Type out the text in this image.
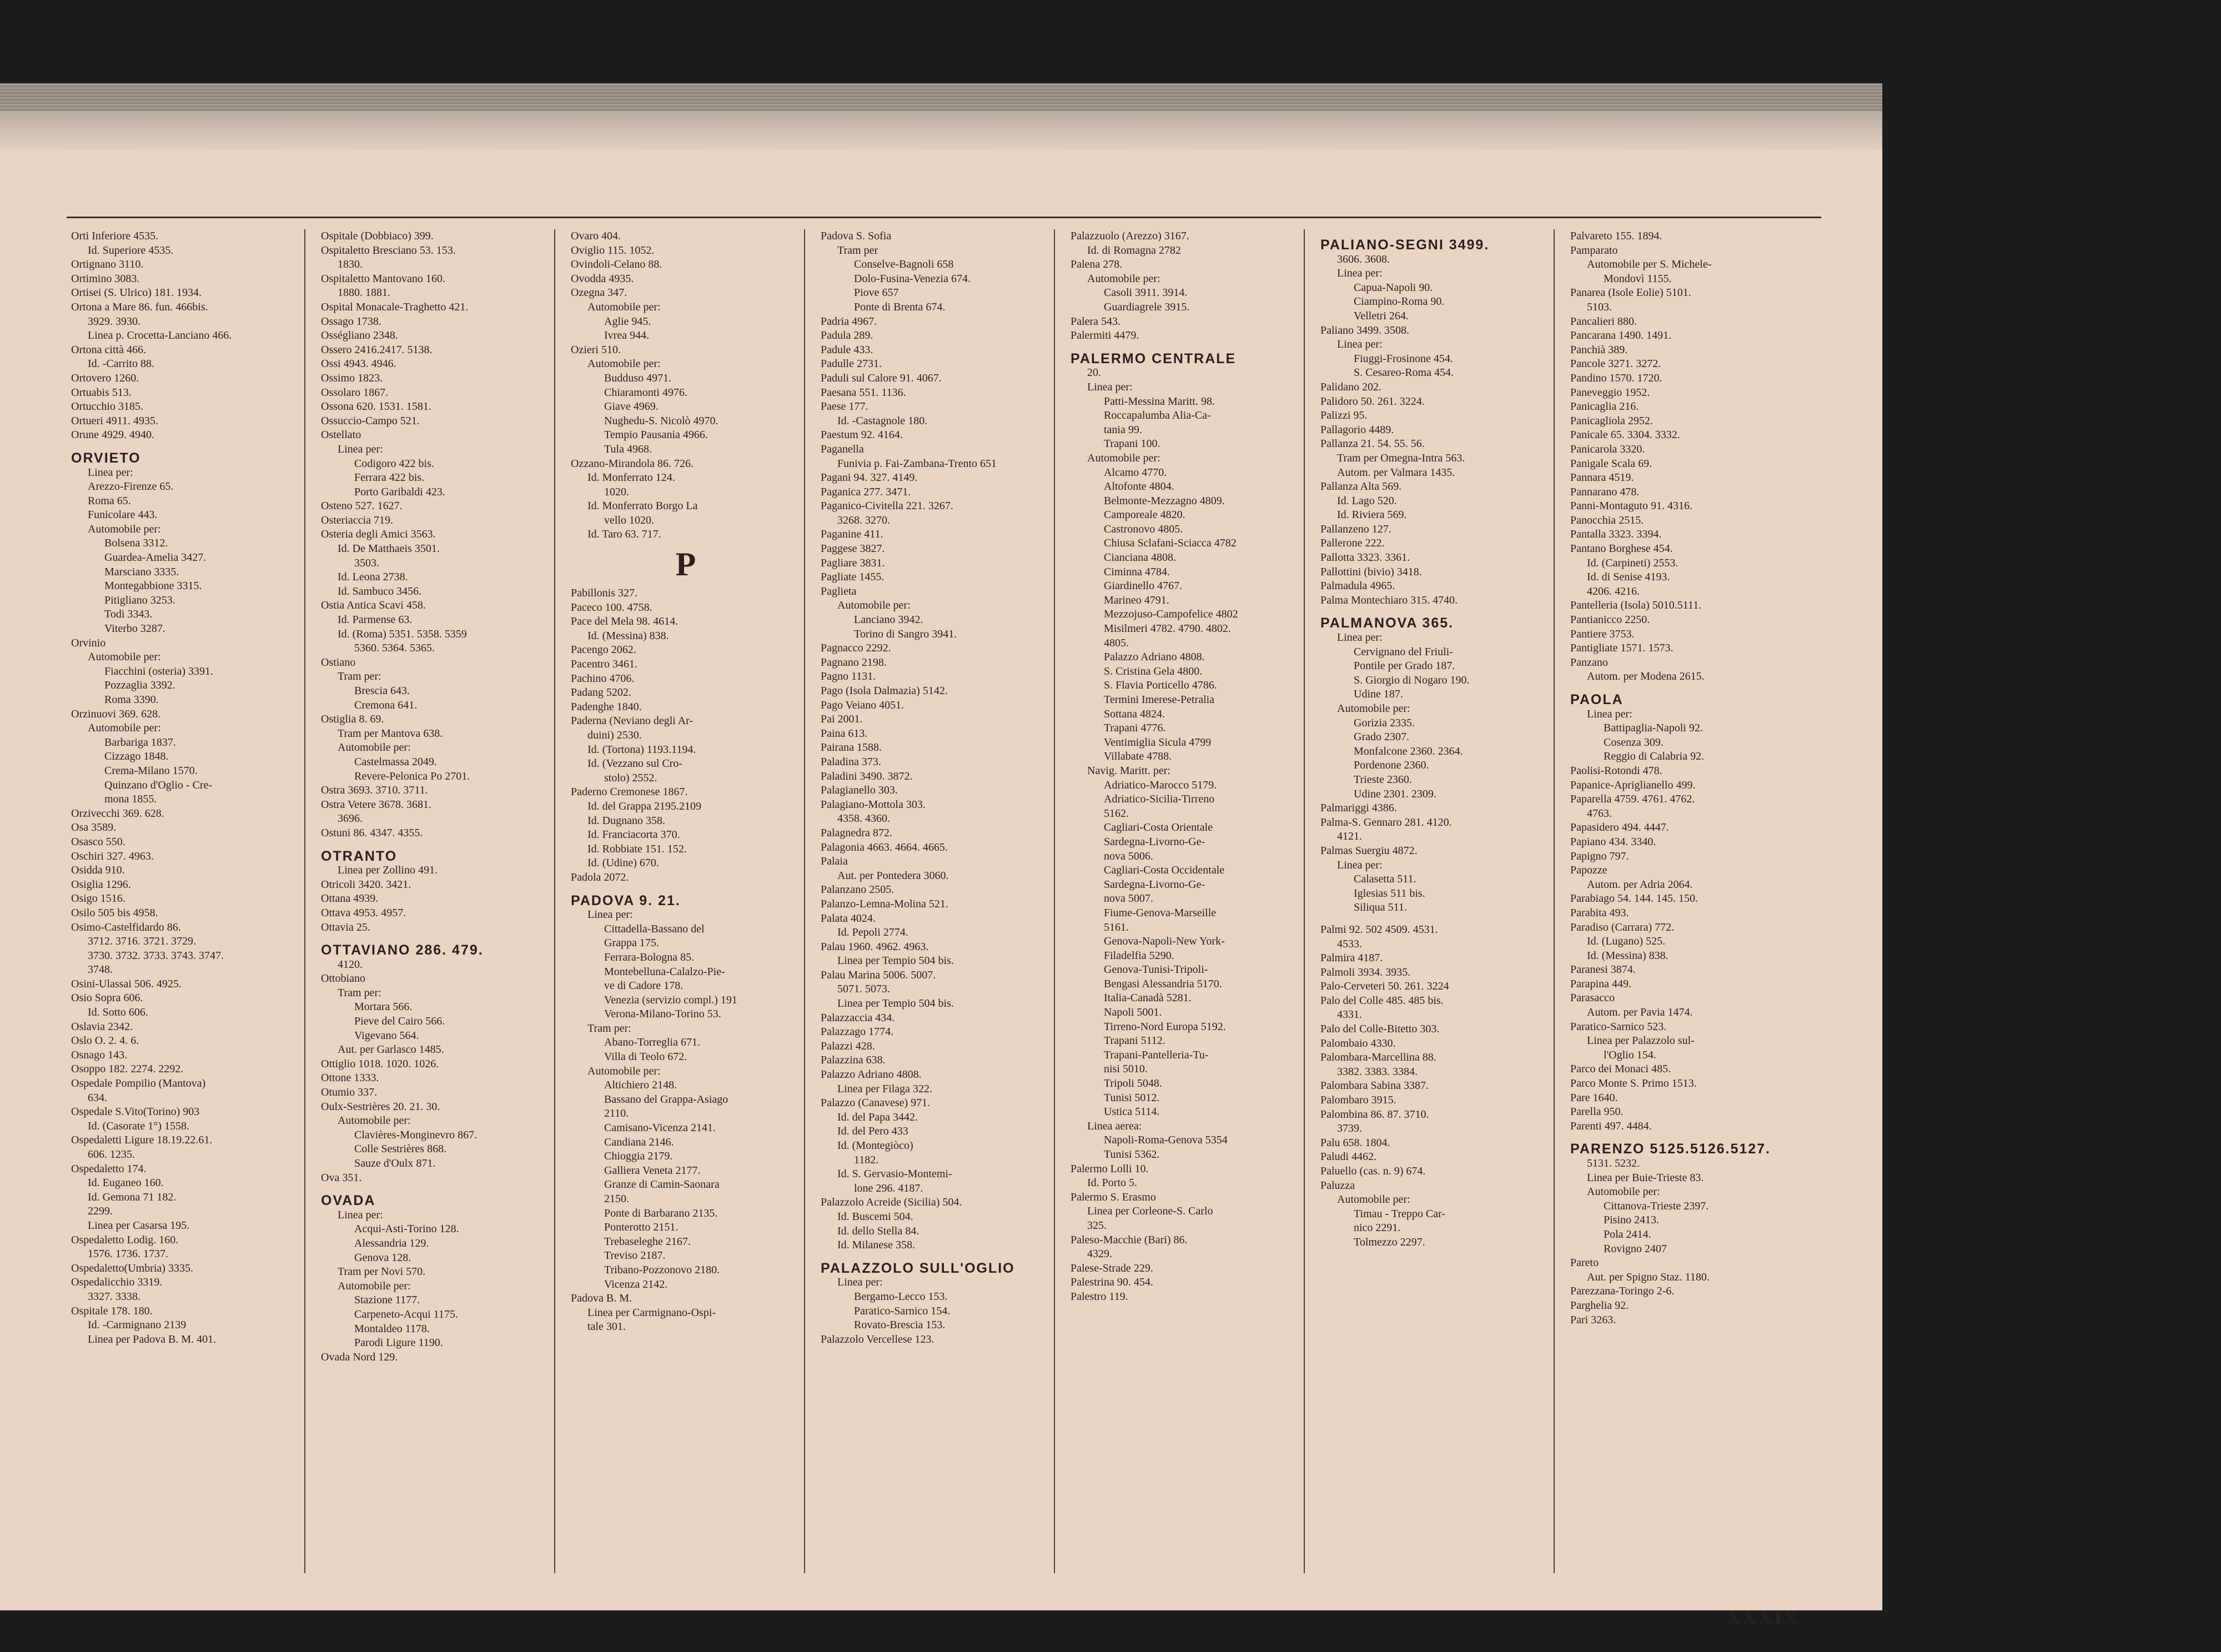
Orti Inferiore 4535.
Id. Superiore 4535.
Ortignano 3110.
Ortimino 3083.
Ortisei (S. Ulrico) 181. 1934.
Ortona a Mare 86. fun. 466bis.
3929. 3930.
Linea p. Crocetta-Lanciano 466.
Ortona città 466.
Id. -Carrito 88.
Ortovero 1260.
Ortuabis 513.
Ortucchio 3185.
Ortueri 4911. 4935.
Orune 4929. 4940.
ORVIETO
Linea per:
Arezzo-Firenze 65.
Roma 65.
Funicolare 443.
Automobile per:
Bolsena 3312.
Guardea-Amelia 3427.
Marsciano 3335.
Montegabbione 3315.
Pitigliano 3253.
Todi 3343.
Viterbo 3287.
Orvinio
Automobile per:
Fiacchini (osteria) 3391.
Pozzaglia 3392.
Roma 3390.
Orzinuovi 369. 628.
Automobile per:
Barbariga 1837.
Cizzago 1848.
Crema-Milano 1570.
Quinzano d'Oglio - Cre-
mona 1855.
Orzivecchi 369. 628.
Osa 3589.
Osasco 550.
Oschiri 327. 4963.
Osidda 910.
Osiglia 1296.
Osigo 1516.
Osilo 505 bis 4958.
Osimo-Castelfidardo 86.
3712. 3716. 3721. 3729.
3730. 3732. 3733. 3743. 3747.
3748.
Osini-Ulassai 506. 4925.
Osio Sopra 606.
Id. Sotto 606.
Oslavia 2342.
Oslo O. 2. 4. 6.
Osnago 143.
Osoppo 182. 2274. 2292.
Ospedale Pompilio (Mantova)
634.
Ospedale S.Vito(Torino) 903
Id. (Casorate 1°) 1558.
Ospedaletti Ligure 18.19.22.61.
606. 1235.
Ospedaletto 174.
Id. Euganeo 160.
Id. Gemona 71 182.
2299.
Linea per Casarsa 195.
Ospedaletto Lodig. 160.
1576. 1736. 1737.
Ospedaletto(Umbria) 3335.
Ospedalicchio 3319.
3327. 3338.
Ospitale 178. 180.
Id. -Carmignano 2139
Linea per Padova B. M. 401.
Ospitale (Dobbiaco) 399.
Ospitaletto Bresciano 53. 153.
1830.
Ospitaletto Mantovano 160.
1880. 1881.
Ospital Monacale-Traghetto 421.
Ossago 1738.
Osségliano 2348.
Ossero 2416.2417. 5138.
Ossi 4943. 4946.
Ossimo 1823.
Ossolaro 1867.
Ossona 620. 1531. 1581.
Ossuccio-Campo 521.
Ostellato
Linea per:
Codigoro 422 bis.
Ferrara 422 bis.
Porto Garibaldi 423.
Osteno 527. 1627.
Osteriaccia 719.
Osteria degli Amici 3563.
Id. De Matthaeis 3501.
3503.
Id. Leona 2738.
Id. Sambuco 3456.
Ostia Antica Scavi 458.
Id. Parmense 63.
Id. (Roma) 5351. 5358. 5359
5360. 5364. 5365.
Ostiano
Tram per:
Brescia 643.
Cremona 641.
Ostiglia 8. 69.
Tram per Mantova 638.
Automobile per:
Castelmassa 2049.
Revere-Pelonica Po 2701.
Ostra 3693. 3710. 3711.
Ostra Vetere 3678. 3681.
3696.
Ostuni 86. 4347. 4355.
OTRANTO
Linea per Zollino 491.
Otricoli 3420. 3421.
Ottana 4939.
Ottava 4953. 4957.
Ottavia 25.
OTTAVIANO 286. 479.
4120.
Ottobiano
Tram per:
Mortara 566.
Pieve del Cairo 566.
Vigevano 564.
Aut. per Garlasco 1485.
Ottiglio 1018. 1020. 1026.
Ottone 1333.
Otumio 337.
Oulx-Sestrières 20. 21. 30.
Automobile per:
Clavières-Monginevro 867.
Colle Sestrières 868.
Sauze d'Oulx 871.
Ova 351.
OVADA
Linea per:
Acqui-Asti-Torino 128.
Alessandria 129.
Genova 128.
Tram per Novi 570.
Automobile per:
Stazione 1177.
Carpeneto-Acqui 1175.
Montaldeo 1178.
Parodi Ligure 1190.
Ovada Nord 129.
Ovaro 404.
Oviglio 115. 1052.
Ovindoli-Celano 88.
Ovodda 4935.
Ozegna 347.
Automobile per:
Aglie 945.
Ivrea 944.
Ozieri 510.
Automobile per:
Budduso 4971.
Chiaramonti 4976.
Giave 4969.
Nughedu-S. Nicolò 4970.
Tempio Pausania 4966.
Tula 4968.
Ozzano-Mirandola 86. 726.
Id. Monferrato 124.
1020.
Id. Monferrato Borgo La
vello 1020.
Id. Taro 63. 717.
P
Pabillonis 327.
Paceco 100. 4758.
Pace del Mela 98. 4614.
Id. (Messina) 838.
Pacengo 2062.
Pacentro 3461.
Pachino 4706.
Padang 5202.
Padenghe 1840.
Paderna (Neviano degli Ar-
duini) 2530.
Id. (Tortona) 1193.1194.
Id. (Vezzano sul Cro-
stolo) 2552.
Paderno Cremonese 1867.
Id. del Grappa 2195.2109
Id. Dugnano 358.
Id. Franciacorta 370.
Id. Robbiate 151. 152.
Id. (Udine) 670.
Padola 2072.
PADOVA 9. 21.
Linea per:
Cittadella-Bassano del
Grappa 175.
Ferrara-Bologna 85.
Montebelluna-Calalzo-Pie-
ve di Cadore 178.
Venezia (servizio compl.) 191
Verona-Milano-Torino 53.
Tram per:
Abano-Torreglia 671.
Villa di Teolo 672.
Automobile per:
Altichiero 2148.
Bassano del Grappa-Asiago
2110.
Camisano-Vicenza 2141.
Candiana 2146.
Chioggia 2179.
Galliera Veneta 2177.
Granze di Camin-Saonara
2150.
Ponte di Barbarano 2135.
Ponterotto 2151.
Trebaseleghe 2167.
Treviso 2187.
Tribano-Pozzonovo 2180.
Vicenza 2142.
Padova B. M.
Linea per Carmignano-Ospi-
tale 301.
Padova S. Sofia
Tram per
Conselve-Bagnoli 658
Dolo-Fusina-Venezia 674.
Piove 657
Ponte di Brenta 674.
Padria 4967.
Padula 289.
Padule 433.
Padulle 2731.
Paduli sul Calore 91. 4067.
Paesana 551. 1136.
Paese 177.
Id. -Castagnole 180.
Paestum 92. 4164.
Paganella
Funivia p. Fai-Zambana-Trento 651
Pagani 94. 327. 4149.
Paganica 277. 3471.
Paganico-Civitella 221. 3267.
3268. 3270.
Paganine 411.
Paggese 3827.
Pagliare 3831.
Pagliate 1455.
Paglieta
Automobile per:
Lanciano 3942.
Torino di Sangro 3941.
Pagnacco 2292.
Pagnano 2198.
Pagno 1131.
Pago (Isola Dalmazia) 5142.
Pago Veiano 4051.
Pai 2001.
Paina 613.
Pairana 1588.
Paladina 373.
Paladini 3490. 3872.
Palagianello 303.
Palagiano-Mottola 303.
4358. 4360.
Palagnedra 872.
Palagonia 4663. 4664. 4665.
Palaia
Aut. per Pontedera 3060.
Palanzano 2505.
Palanzo-Lemna-Molina 521.
Palata 4024.
Id. Pepoli 2774.
Palau 1960. 4962. 4963.
Linea per Tempio 504 bis.
Palau Marina 5006. 5007.
5071. 5073.
Linea per Tempio 504 bis.
Palazzaccia 434.
Palazzago 1774.
Palazzi 428.
Palazzina 638.
Palazzo Adriano 4808.
Linea per Filaga 322.
Palazzo (Canavese) 971.
Id. del Papa 3442.
Id. del Pero 433
Id. (Montegiòco)
1182.
Id. S. Gervasio-Montemi-
lone 296. 4187.
Palazzolo Acreide (Sicilia) 504.
Id. Buscemi 504.
Id. dello Stella 84.
Id. Milanese 358.
PALAZZOLO SULL'OGLIO
Linea per:
Bergamo-Lecco 153.
Paratico-Sarnico 154.
Rovato-Brescia 153.
Palazzolo Vercellese 123.
Palazzuolo (Arezzo) 3167.
Id. di Romagna 2782
Palena 278.
Automobile per:
Casoli 3911. 3914.
Guardiagrele 3915.
Palera 543.
Palermiti 4479.
PALERMO CENTRALE
20.
Linea per:
Patti-Messina Maritt. 98.
Roccapalumba Alia-Ca-
tania 99.
Trapani 100.
Automobile per:
Alcamo 4770.
Altofonte 4804.
Belmonte-Mezzagno 4809.
Camporeale 4820.
Castronovo 4805.
Chiusa Sclafani-Sciacca 4782
Cianciana 4808.
Ciminna 4784.
Giardinello 4767.
Marineo 4791.
Mezzojuso-Campofelice 4802
Misilmeri 4782. 4790. 4802.
4805.
Palazzo Adriano 4808.
S. Cristina Gela 4800.
S. Flavia Porticello 4786.
Termini Imerese-Petralia
Sottana 4824.
Trapani 4776.
Ventimiglia Sicula 4799
Villabate 4788.
Navig. Maritt. per:
Adriatico-Marocco 5179.
Adriatico-Sicilia-Tirreno
5162.
Cagliari-Costa Orientale
Sardegna-Livorno-Ge-
nova 5006.
Cagliari-Costa Occidentale
Sardegna-Livorno-Ge-
nova 5007.
Fiume-Genova-Marseille
5161.
Genova-Napoli-New York-
Filadelfia 5290.
Genova-Tunisi-Tripoli-
Bengasi Alessandria 5170.
Italia-Canadà 5281.
Napoli 5001.
Tirreno-Nord Europa 5192.
Trapani 5112.
Trapani-Pantelleria-Tu-
nisi 5010.
Tripoli 5048.
Tunisi 5012.
Ustica 5114.
Linea aerea:
Napoli-Roma-Genova 5354
Tunisi 5362.
Palermo Lolli 10.
Id. Porto 5.
Palermo S. Erasmo
Linea per Corleone-S. Carlo
325.
Paleso-Macchie (Bari) 86.
4329.
Palese-Strade 229.
Palestrina 90. 454.
Palestro 119.
PALIANO-SEGNI 3499.
3606. 3608.
Linea per:
Capua-Napoli 90.
Ciampino-Roma 90.
Velletri 264.
Paliano 3499. 3508.
Linea per:
Fiuggi-Frosinone 454.
S. Cesareo-Roma 454.
Palidano 202.
Palidoro 50. 261. 3224.
Palizzi 95.
Pallagorio 4489.
Pallanza 21. 54. 55. 56.
Tram per Omegna-Intra 563.
Autom. per Valmara 1435.
Pallanza Alta 569.
Id. Lago 520.
Id. Riviera 569.
Pallanzeno 127.
Pallerone 222.
Pallotta 3323. 3361.
Pallottini (bivio) 3418.
Palmadula 4965.
Palma Montechiaro 315. 4740.
PALMANOVA 365.
Linea per:
Cervignano del Friuli-
Pontile per Grado 187.
S. Giorgio di Nogaro 190.
Udine 187.
Automobile per:
Gorizia 2335.
Grado 2307.
Monfalcone 2360. 2364.
Pordenone 2360.
Trieste 2360.
Udine 2301. 2309.
Palmariggi 4386.
Palma-S. Gennaro 281. 4120.
4121.
Palmas Suergiu 4872.
Linea per:
Calasetta 511.
Iglesias 511 bis.
Siliqua 511.
Palmi 92. 502 4509. 4531.
4533.
Palmira 4187.
Palmoli 3934. 3935.
Palo-Cerveteri 50. 261. 3224
Palo del Colle 485. 485 bis.
4331.
Palo del Colle-Bitetto 303.
Palombaio 4330.
Palombara-Marcellina 88.
3382. 3383. 3384.
Palombara Sabina 3387.
Palombaro 3915.
Palombina 86. 87. 3710.
3739.
Palu 658. 1804.
Paludi 4462.
Paluello (cas. n. 9) 674.
Paluzza
Automobile per:
Timau - Treppo Car-
nico 2291.
Tolmezzo 2297.
Palvareto 155. 1894.
Pamparato
Automobile per S. Michele-
Mondovì 1155.
Panarea (Isole Eolie) 5101.
5103.
Pancalieri 880.
Pancarana 1490. 1491.
Panchià 389.
Pancole 3271. 3272.
Pandino 1570. 1720.
Paneveggio 1952.
Panicaglia 216.
Panicagliola 2952.
Panicale 65. 3304. 3332.
Panicarola 3320.
Panigale Scala 69.
Pannara 4519.
Pannarano 478.
Panni-Montaguto 91. 4316.
Panocchia 2515.
Pantalla 3323. 3394.
Pantano Borghese 454.
Id. (Carpineti) 2553.
Id. di Senise 4193.
4206. 4216.
Pantelleria (Isola) 5010.5111.
Pantianicco 2250.
Pantiere 3753.
Pantigliate 1571. 1573.
Panzano
Autom. per Modena 2615.
PAOLA
Linea per:
Battipaglia-Napoli 92.
Cosenza 309.
Reggio di Calabria 92.
Paolisi-Rotondi 478.
Papanice-Apriglianello 499.
Paparella 4759. 4761. 4762.
4763.
Papasidero 494. 4447.
Papiano 434. 3340.
Papigno 797.
Papozze
Autom. per Adria 2064.
Parabiago 54. 144. 145. 150.
Parabita 493.
Paradiso (Carrara) 772.
Id. (Lugano) 525.
Id. (Messina) 838.
Paranesi 3874.
Parapina 449.
Parasacco
Autom. per Pavia 1474.
Paratico-Sarnico 523.
Linea per Palazzolo sul-
l'Oglio 154.
Parco dei Monaci 485.
Parco Monte S. Primo 1513.
Pare 1640.
Parella 950.
Parenti 497. 4484.
PARENZO 5125.5126.5127.
5131. 5232.
Linea per Buie-Trieste 83.
Automobile per:
Cittanova-Trieste 2397.
Pisino 2413.
Pola 2414.
Rovigno 2407
Pareto
Aut. per Spigno Staz. 1180.
Parezzana-Toringo 2-6.
Parghelia 92.
Pari 3263.
XXXIX
